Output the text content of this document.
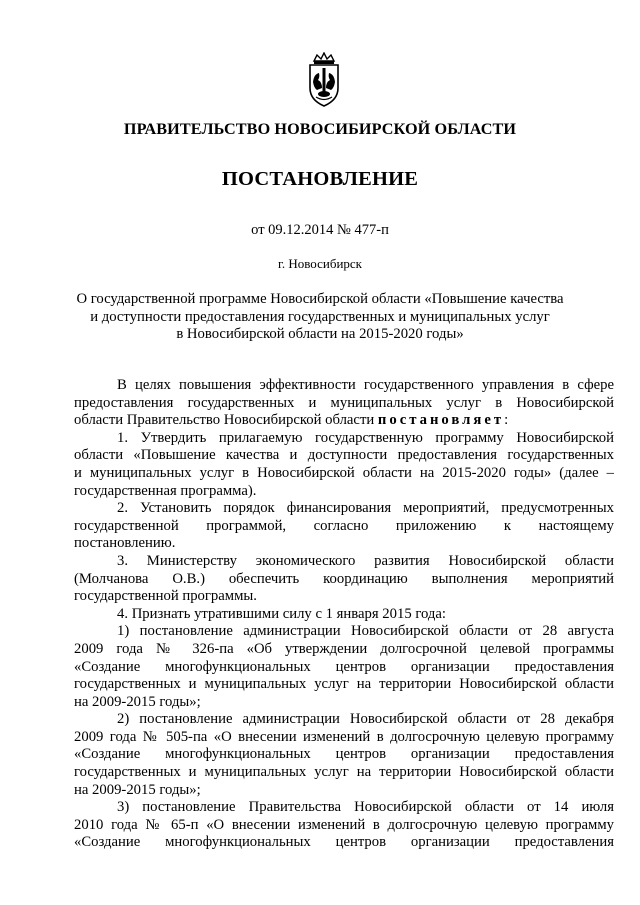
ПРАВИТЕЛЬСТВО НОВОСИБИРСКОЙ ОБЛАСТИ
ПОСТАНОВЛЕНИЕ
от 09.12.2014 № 477-п
г. Новосибирск
О государственной программе Новосибирской области «Повышение качества
и доступности предоставления государственных и муниципальных услуг
в Новосибирской области на 2015-2020 годы»
В целях повышения эффективности государственного управления в сфере
предоставления государственных и муниципальных услуг в Новосибирской
области Правительство Новосибирской области постановляет:
1. Утвердить прилагаемую государственную программу Новосибирской
области «Повышение качества и доступности предоставления государственных
и муниципальных услуг в Новосибирской области на 2015-2020 годы» (далее –
государственная программа).
2. Установить порядок финансирования мероприятий, предусмотренных
государственной программой, согласно приложению к настоящему
постановлению.
3. Министерству экономического развития Новосибирской области
(Молчанова О.В.) обеспечить координацию выполнения мероприятий
государственной программы.
4. Признать утратившими силу с 1 января 2015 года:
1) постановление администрации Новосибирской области от 28 августа
2009 года № 326-па «Об утверждении долгосрочной целевой программы
«Создание многофункциональных центров организации предоставления
государственных и муниципальных услуг на территории Новосибирской области
на 2009-2015 годы»;
2) постановление администрации Новосибирской области от 28 декабря
2009 года № 505-па «О внесении изменений в долгосрочную целевую программу
«Создание многофункциональных центров организации предоставления
государственных и муниципальных услуг на территории Новосибирской области
на 2009-2015 годы»;
3) постановление Правительства Новосибирской области от 14 июля
2010 года № 65-п «О внесении изменений в долгосрочную целевую программу
«Создание многофункциональных центров организации предоставления
